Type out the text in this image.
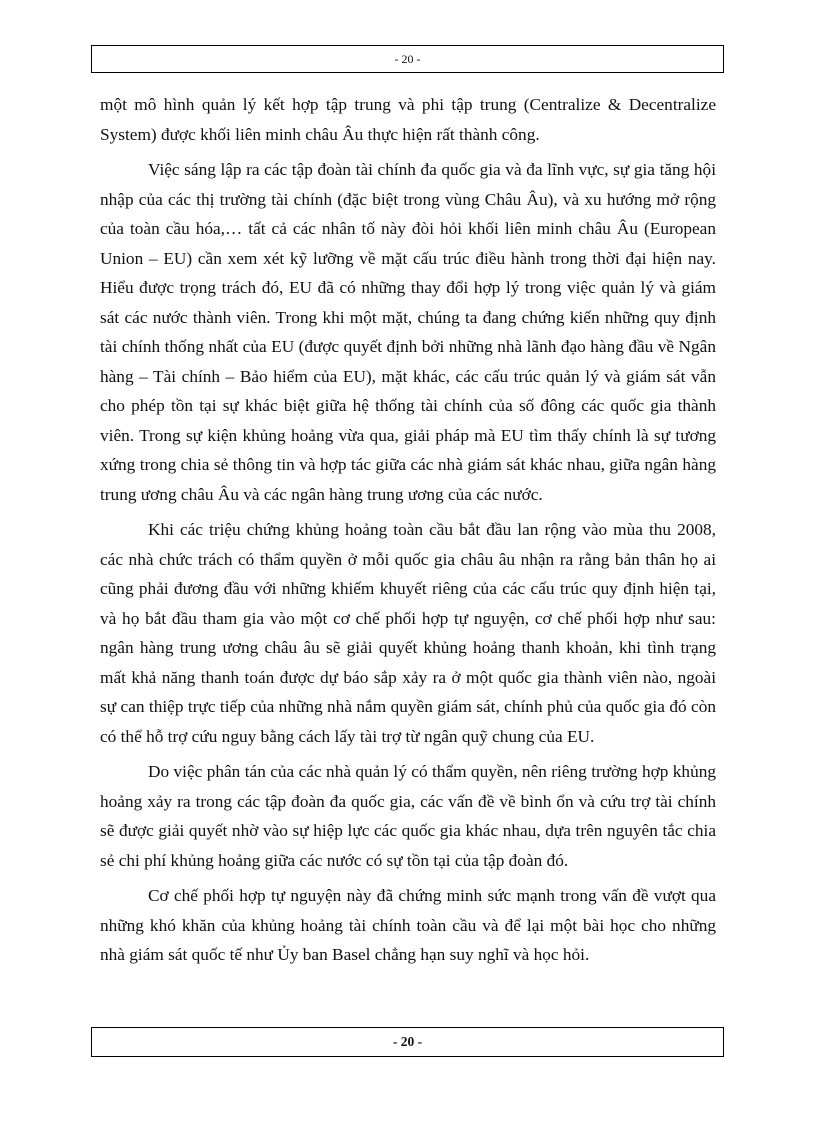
- 20 -

một mô hình quản lý kết hợp tập trung và phi tập trung (Centralize & Decentralize System) được khối liên minh châu Âu thực hiện rất thành công.

Việc sáng lập ra các tập đoàn tài chính đa quốc gia và đa lĩnh vực, sự gia tăng hội nhập của các thị trường tài chính (đặc biệt trong vùng Châu Âu), và xu hướng mở rộng của toàn cầu hóa,… tất cả các nhân tố này đòi hỏi khối liên minh châu Âu (European Union – EU) cần xem xét kỹ lưỡng về mặt cấu trúc điều hành trong thời đại hiện nay. Hiểu được trọng trách đó, EU đã có những thay đổi hợp lý trong việc quản lý và giám sát các nước thành viên. Trong khi một mặt, chúng ta đang chứng kiến những quy định tài chính thống nhất của EU (được quyết định bởi những nhà lãnh đạo hàng đầu về Ngân hàng – Tài chính – Bảo hiểm của EU), mặt khác, các cấu trúc quản lý và giám sát vẫn cho phép tồn tại sự khác biệt giữa hệ thống tài chính của số đông các quốc gia thành viên. Trong sự kiện khủng hoảng vừa qua, giải pháp mà EU tìm thấy chính là sự tương xứng trong chia sẻ thông tin và hợp tác giữa các nhà giám sát khác nhau, giữa ngân hàng trung ương châu Âu và các ngân hàng trung ương của các nước.

Khi các triệu chứng khủng hoảng toàn cầu bắt đầu lan rộng vào mùa thu 2008, các nhà chức trách có thẩm quyền ở mỗi quốc gia châu âu nhận ra rằng bản thân họ ai cũng phải đương đầu với những khiếm khuyết riêng của các cấu trúc quy định hiện tại, và họ bắt đầu tham gia vào một cơ chế phối hợp tự nguyện, cơ chế phối hợp như sau: ngân hàng trung ương châu âu sẽ giải quyết khủng hoảng thanh khoản, khi tình trạng mất khả năng thanh toán được dự báo sắp xảy ra ở một quốc gia thành viên nào, ngoài sự can thiệp trực tiếp của những nhà nắm quyền giám sát, chính phủ của quốc gia đó còn có thể hỗ trợ cứu nguy bằng cách lấy tài trợ từ ngân quỹ chung của EU.

Do việc phân tán của các nhà quản lý có thẩm quyền, nên riêng trường hợp khủng hoảng xảy ra trong các tập đoàn đa quốc gia, các vấn đề về bình ổn và cứu trợ tài chính sẽ được giải quyết nhờ vào sự hiệp lực các quốc gia khác nhau, dựa trên nguyên tắc chia sẻ chi phí khủng hoảng giữa các nước có sự tồn tại của tập đoàn đó.

Cơ chế phối hợp tự nguyện này đã chứng minh sức mạnh trong vấn đề vượt qua những khó khăn của khủng hoảng tài chính toàn cầu và để lại một bài học cho những nhà giám sát quốc tế như Ủy ban Basel chẳng hạn suy nghĩ và học hỏi.

- 20 -
